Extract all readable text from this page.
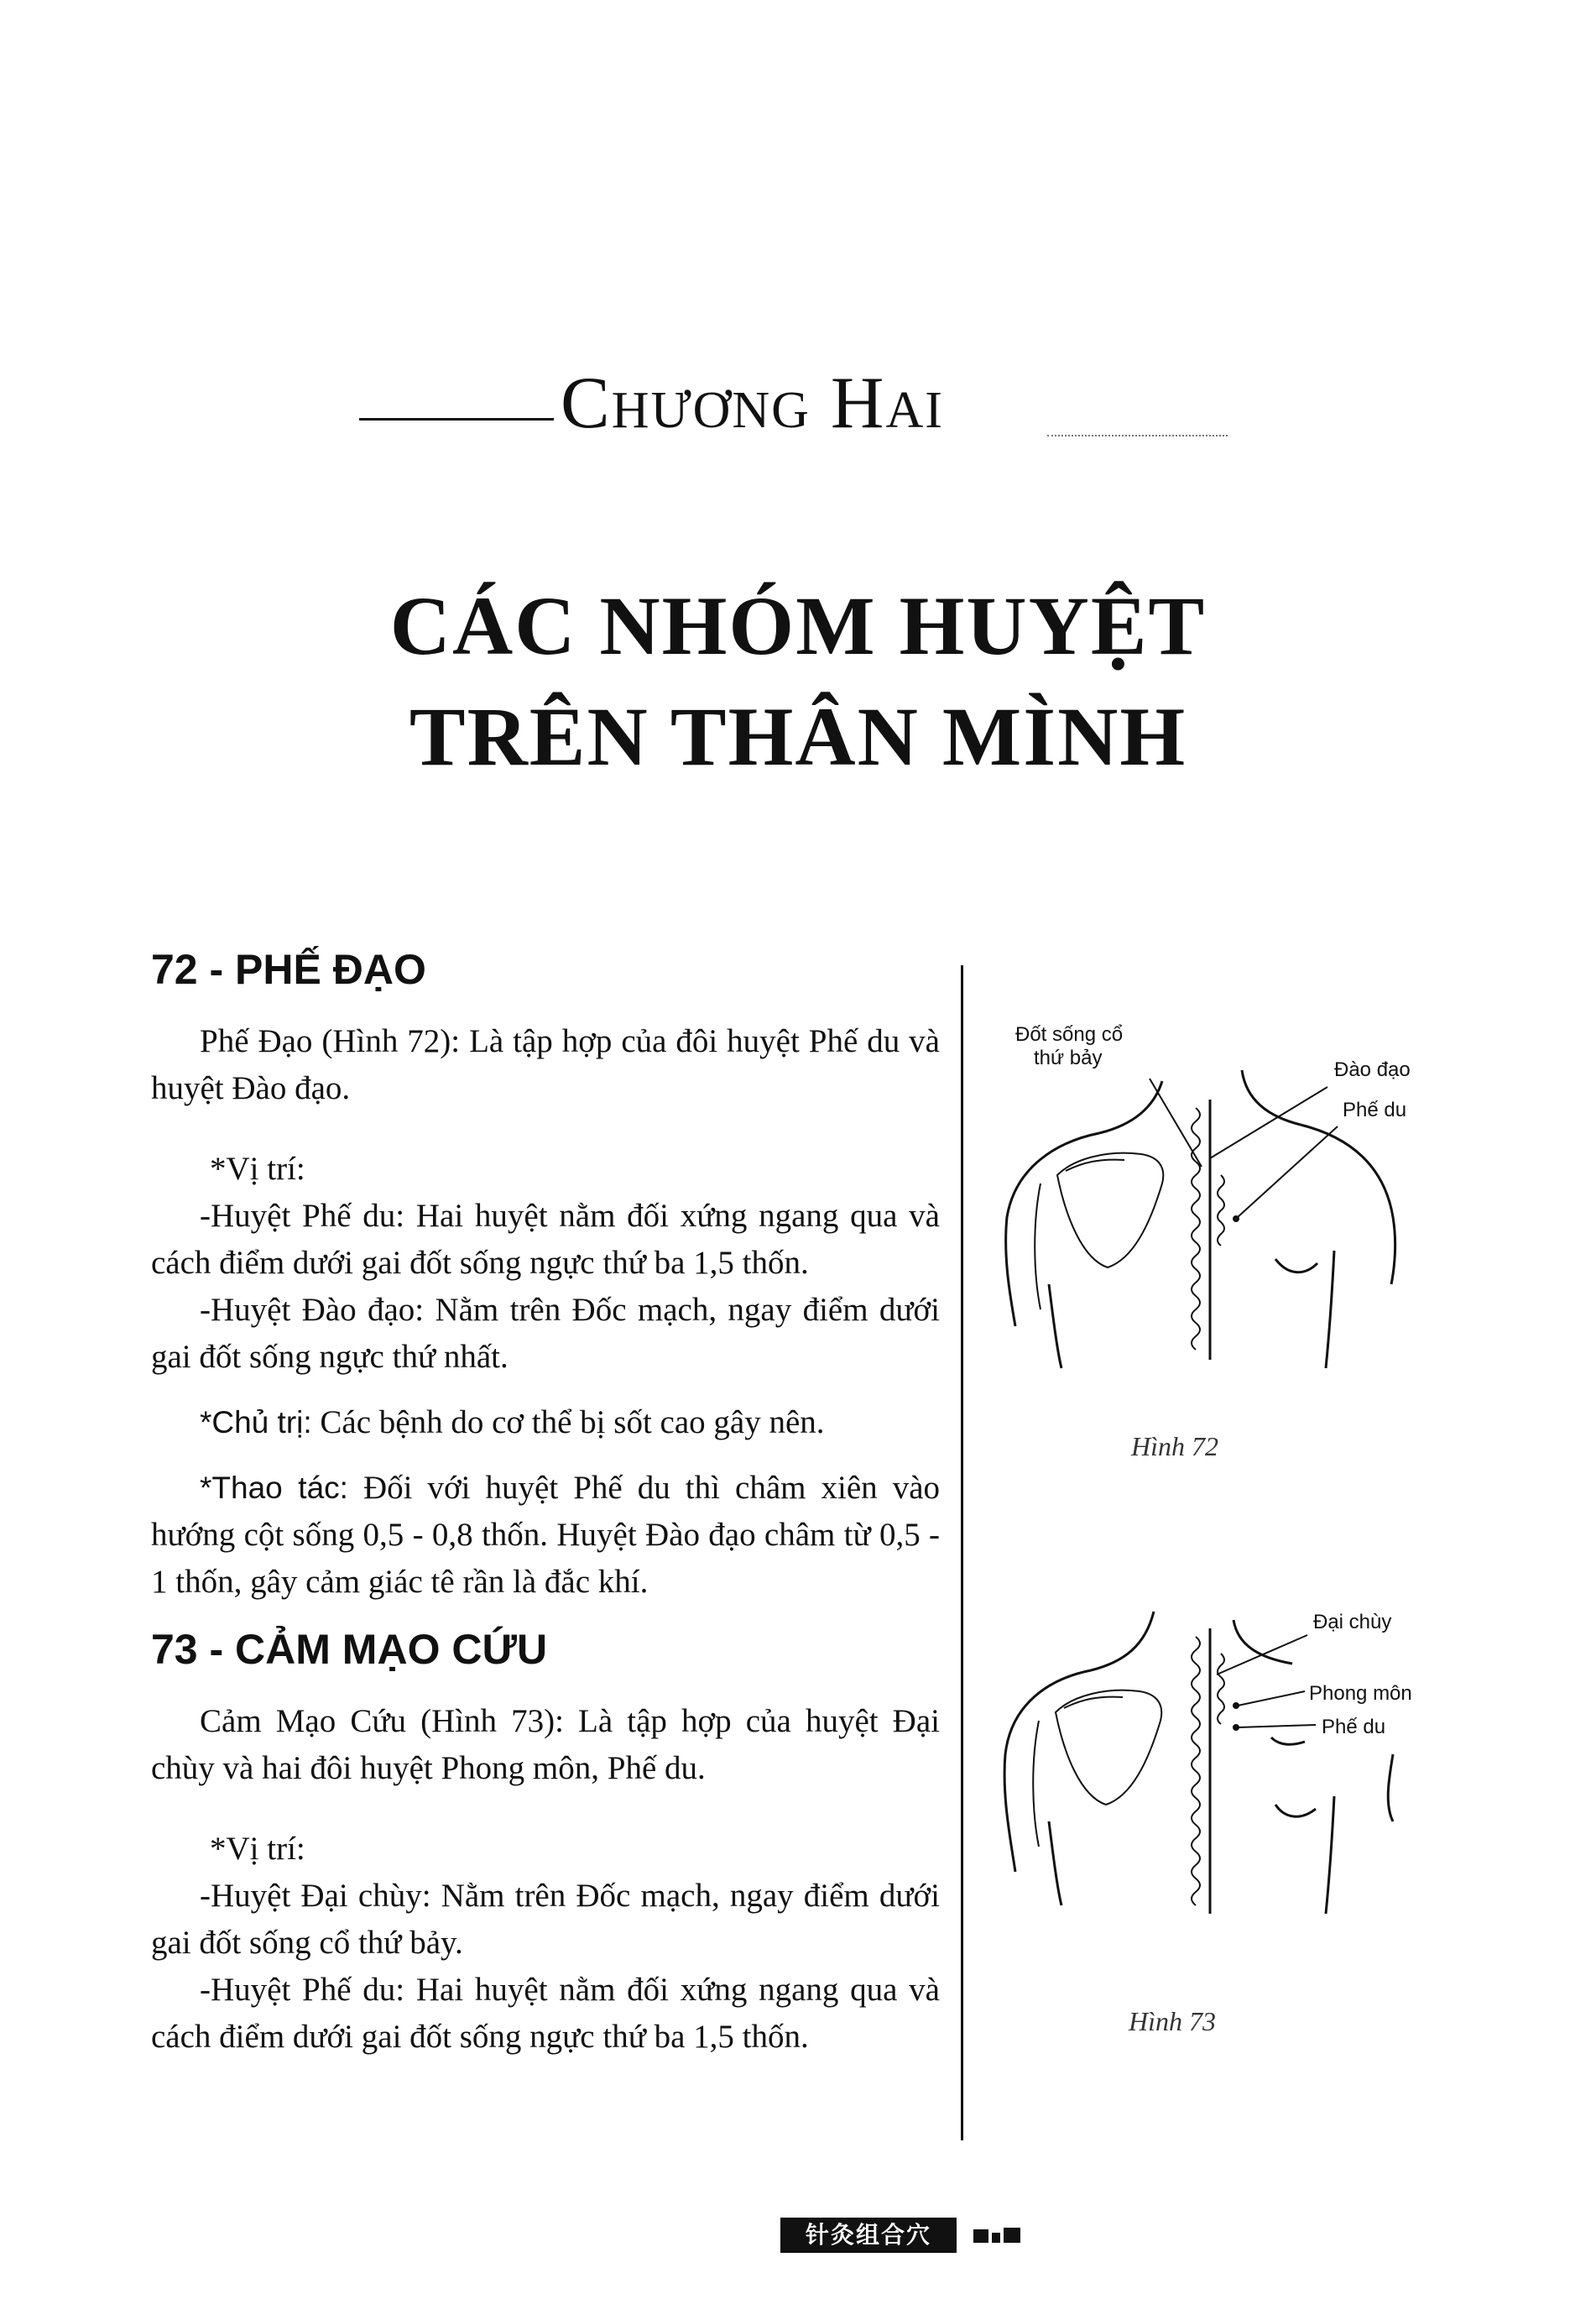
Chương Hai
CÁC NHÓM HUYỆT
TRÊN THÂN MÌNH
72 - PHẾ ĐẠO

Phế Đạo (Hình 72): Là tập hợp của đôi huyệt Phế du và huyệt Đào đạo.

*Vị trí:

-Huyệt Phế du: Hai huyệt nằm đối xứng ngang qua và cách điểm dưới gai đốt sống ngực thứ ba 1,5 thốn.

-Huyệt Đào đạo: Nằm trên Đốc mạch, ngay điểm dưới gai đốt sống ngực thứ nhất.

*Chủ trị: Các bệnh do cơ thể bị sốt cao gây nên.

*Thao tác: Đối với huyệt Phế du thì châm xiên vào hướng cột sống 0,5 - 0,8 thốn. Huyệt Đào đạo châm từ 0,5 - 1 thốn, gây cảm giác tê rần là đắc khí.

73 - CẢM MẠO CỨU

Cảm Mạo Cứu (Hình 73): Là tập hợp của huyệt Đại chùy và hai đôi huyệt Phong môn, Phế du.

*Vị trí:

-Huyệt Đại chùy: Nằm trên Đốc mạch, ngay điểm dưới gai đốt sống cổ thứ bảy.

-Huyệt Phế du: Hai huyệt nằm đối xứng ngang qua và cách điểm dưới gai đốt sống ngực thứ ba 1,5 thốn.

Đốt sống cổ
thứ bảy
Đào đạo
Phế du
Hình 72
Đại chùy
Phong môn
Phế du
Hình 73
针灸组合穴
